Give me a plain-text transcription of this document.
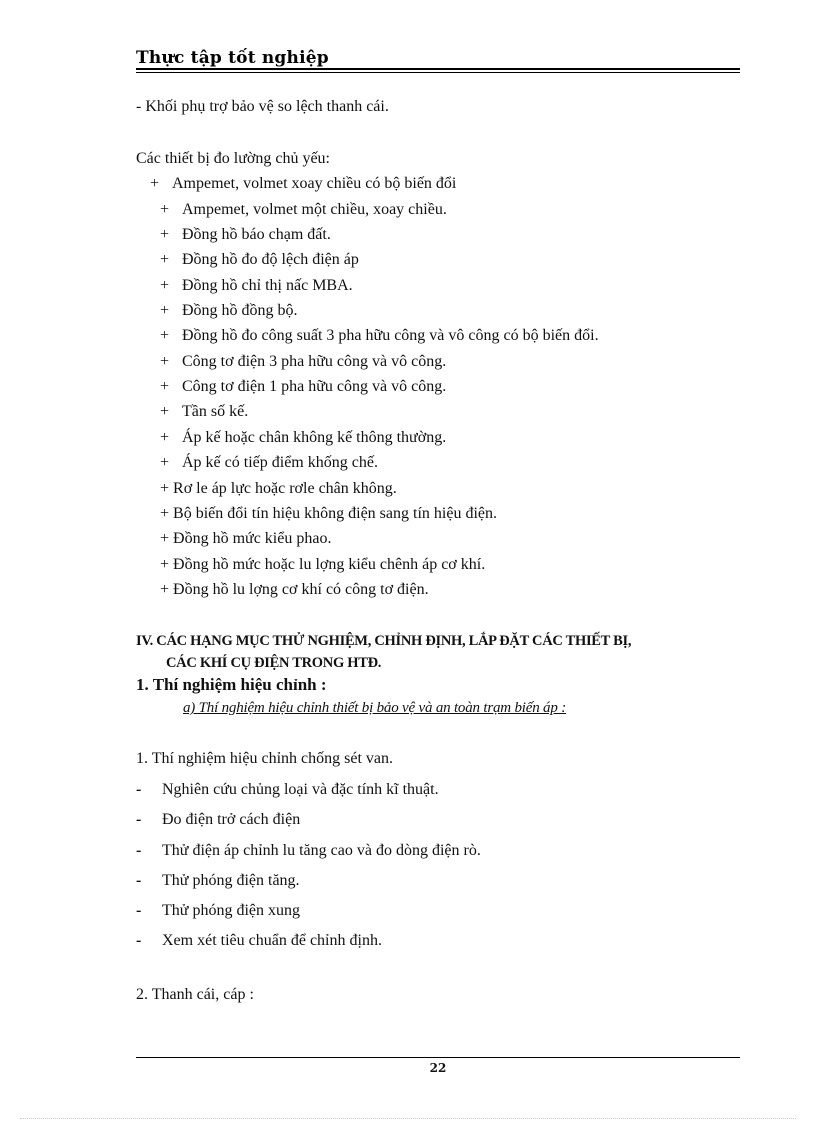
Thực tập tốt nghiệp
- Khối phụ trợ bảo vệ so lệch thanh cái.
Các thiết bị đo lường chủ yếu:
+ Ampemet, volmet xoay chiều có bộ biến đổi
+ Ampemet, volmet một chiều, xoay chiều.
+ Đồng hồ báo chạm đất.
+ Đồng hồ đo độ lệch điện áp
+ Đồng hồ chỉ thị nấc MBA.
+ Đồng hồ đồng bộ.
+ Đồng hồ đo công suất 3 pha hữu công và vô công có bộ biến đổi.
+ Công tơ điện 3 pha hữu công và vô công.
+ Công tơ điện 1 pha hữu công và vô công.
+ Tần số kế.
+ Áp kế hoặc chân không kế thông thường.
+ Áp kế có tiếp điểm khống chế.
+ Rơ le áp lực hoặc rơle chân không.
+ Bộ biến đổi tín hiệu không điện sang tín hiệu điện.
+ Đồng hồ mức kiểu phao.
+ Đồng hồ mức hoặc lu lợng kiểu chênh áp cơ khí.
+ Đồng hồ lu lợng cơ khí có công tơ điện.
IV. CÁC HẠNG MỤC THỬ NGHIỆM, CHỈNH ĐỊNH, LẮP ĐẶT CÁC THIẾT BỊ,
CÁC KHÍ CỤ ĐIỆN TRONG HTĐ.
1. Thí nghiệm hiệu chỉnh :
a) Thí nghiệm hiệu chỉnh thiết bị bảo vệ và an toàn trạm biến áp :
1. Thí nghiệm hiệu chỉnh chống sét van.
- Nghiên cứu chủng loại và đặc tính kĩ thuật.
- Đo điện trở cách điện
- Thử điện áp chỉnh lu tăng cao và đo dòng điện rò.
- Thử phóng điện tăng.
- Thử phóng điện xung
- Xem xét tiêu chuẩn để chỉnh định.
2. Thanh cái, cáp :
22
